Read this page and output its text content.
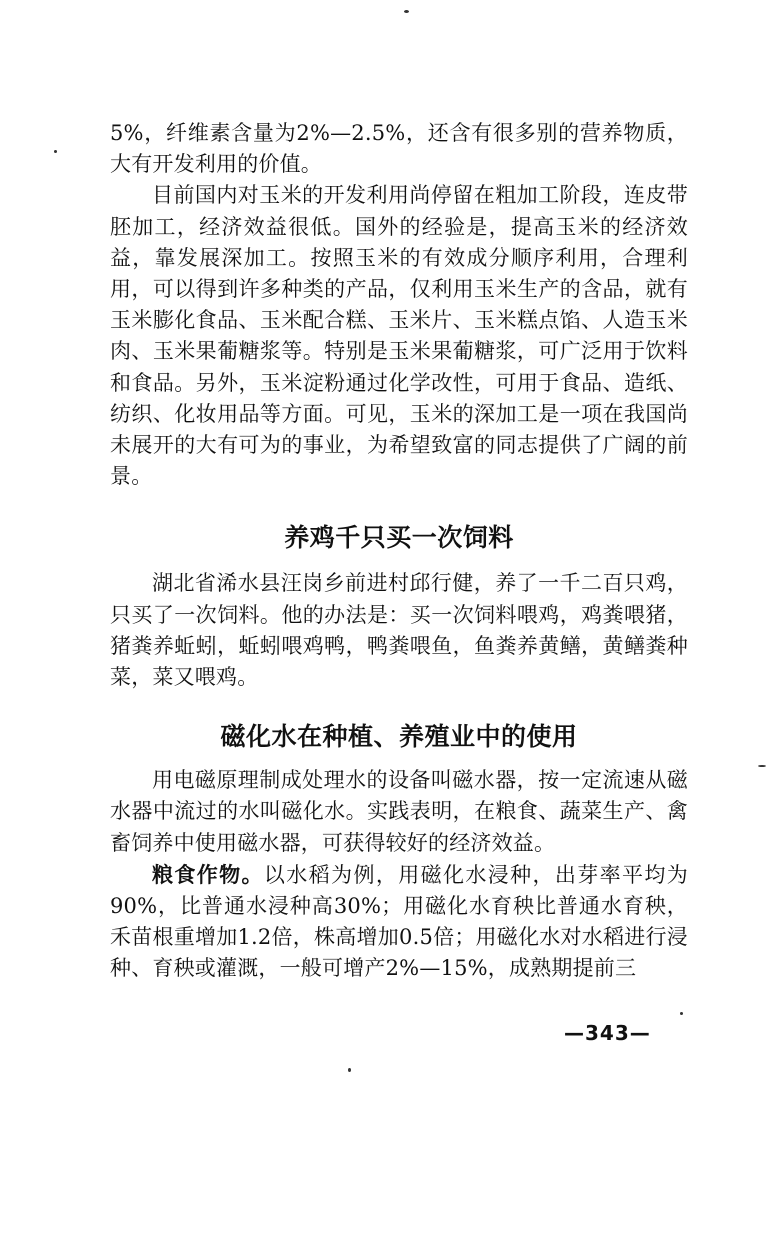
5%，纤维素含量为2%—2.5%，还含有很多别的营养物质，大有开发利用的价值。

目前国内对玉米的开发利用尚停留在粗加工阶段，连皮带胚加工，经济效益很低。国外的经验是，提高玉米的经济效益，靠发展深加工。按照玉米的有效成分顺序利用，合理利用，可以得到许多种类的产品，仅利用玉米生产的含品，就有玉米膨化食品、玉米配合糕、玉米片、玉米糕点馅、人造玉米肉、玉米果葡糖浆等。特别是玉米果葡糖浆，可广泛用于饮料和食品。另外，玉米淀粉通过化学改性，可用于食品、造纸、纺织、化妆用品等方面。可见，玉米的深加工是一项在我国尚未展开的大有可为的事业，为希望致富的同志提供了广阔的前景。

养鸡千只买一次饲料

湖北省浠水县汪岗乡前进村邱行健，养了一千二百只鸡，只买了一次饲料。他的办法是：买一次饲料喂鸡，鸡粪喂猪，猪粪养蚯蚓，蚯蚓喂鸡鸭，鸭粪喂鱼，鱼粪养黄鳝，黄鳝粪种菜，菜又喂鸡。

磁化水在种植、养殖业中的使用

用电磁原理制成处理水的设备叫磁水器，按一定流速从磁水器中流过的水叫磁化水。实践表明，在粮食、蔬菜生产、禽畜饲养中使用磁水器，可获得较好的经济效益。

粮食作物。以水稻为例，用磁化水浸种，出芽率平均为90%，比普通水浸种高30%；用磁化水育秧比普通水育秧，禾苗根重增加1.2倍，株高增加0.5倍；用磁化水对水稻进行浸种、育秧或灌溉，一般可增产2%—15%，成熟期提前三

—343—
